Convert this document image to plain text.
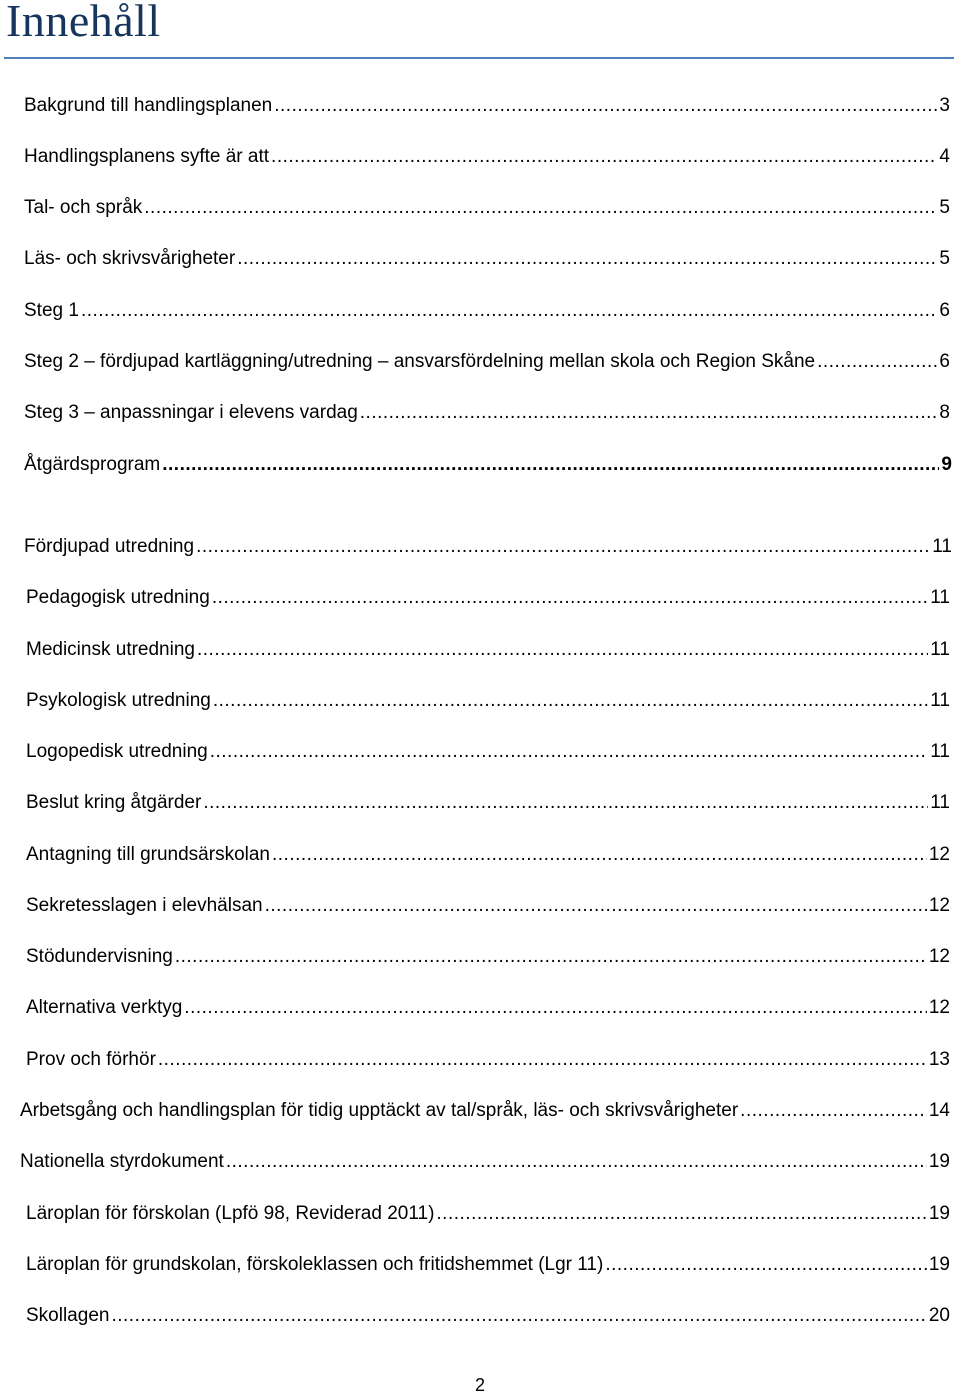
Innehåll
Bakgrund till handlingsplanen .....	3
Handlingsplanens syfte är att .....	4
Tal- och språk .....	5
Läs- och skrivsvårigheter .....	5
Steg 1 .....	6
Steg 2 – fördjupad kartläggning/utredning – ansvarsfördelning mellan skola och Region Skåne .....	6
Steg 3 – anpassningar i elevens vardag .....	8
Åtgärdsprogram .....	9
Fördjupad utredning .....	11
Pedagogisk utredning .....	11
Medicinsk utredning .....	11
Psykologisk utredning .....	11
Logopedisk utredning .....	11
Beslut kring åtgärder .....	11
Antagning till grundsärskolan .....	12
Sekretesslagen i elevhälsan .....	12
Stödundervisning .....	12
Alternativa verktyg .....	12
Prov och förhör .....	13
Arbetsgång och handlingsplan för tidig upptäckt av tal/språk, läs- och skrivsvårigheter .....	14
Nationella styrdokument .....	19
Läroplan för förskolan (Lpfö 98, Reviderad 2011) .....	19
Läroplan för grundskolan, förskoleklassen och fritidshemmet (Lgr 11) .....	19
Skollagen .....	20
2
